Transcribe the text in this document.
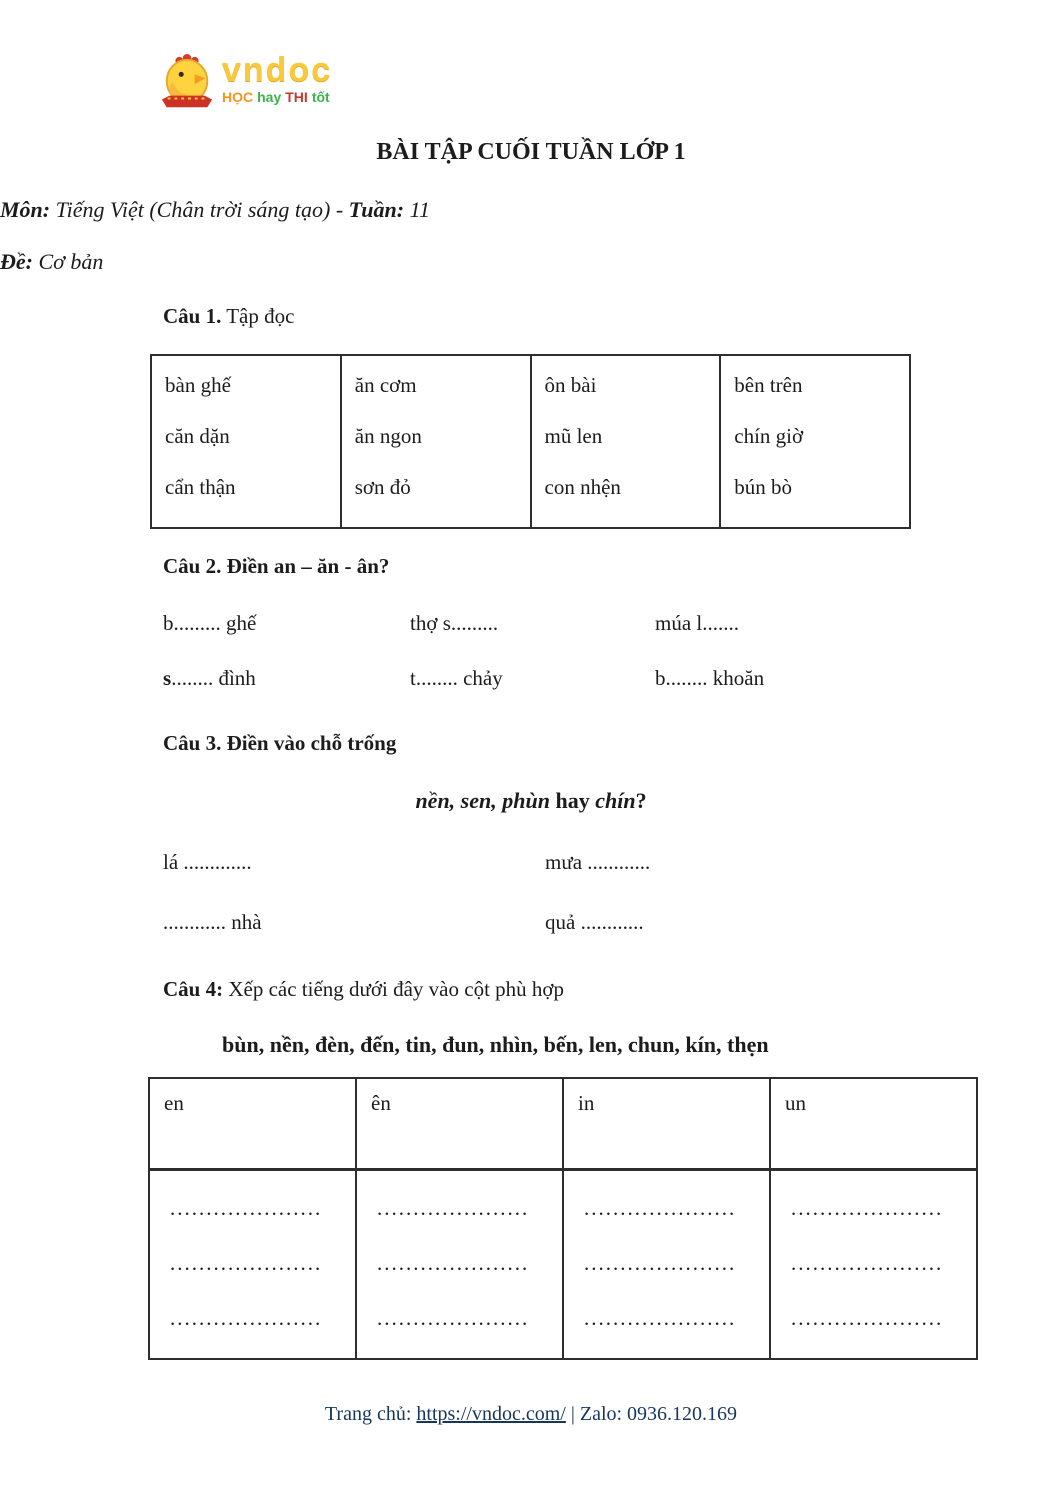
vndoc
HỌC hay THI tốt
BÀI TẬP CUỐI TUẦN LỚP 1
Môn: Tiếng Việt (Chân trời sáng tạo) - Tuần: 11
Đề: Cơ bản
Câu 1. Tập đọc
bàn ghế
căn dặn
cẩn thận

ăn cơm
ăn ngon
sơn đỏ

ôn bài
mũ len
con nhện

bên trên
chín giờ
bún bò
Câu 2. Điền an – ăn - ân?
b......... ghế	thợ s.........	múa l.......
s........ đình	t........ chảy	b........ khoăn
Câu 3. Điền vào chỗ trống
nền, sen, phùn hay chín?
lá .............	mưa ............
............ nhà	quả ............
Câu 4: Xếp các tiếng dưới đây vào cột phù hợp
bùn, nền, đèn, đến, tin, đun, nhìn, bến, len, chun, kín, thẹn
en	ên	in	un

.....................
.....................
.....................

.....................
.....................
.....................

.....................
.....................
.....................

.....................
.....................
.....................
Trang chủ: https://vndoc.com/ | Zalo: 0936.120.169
